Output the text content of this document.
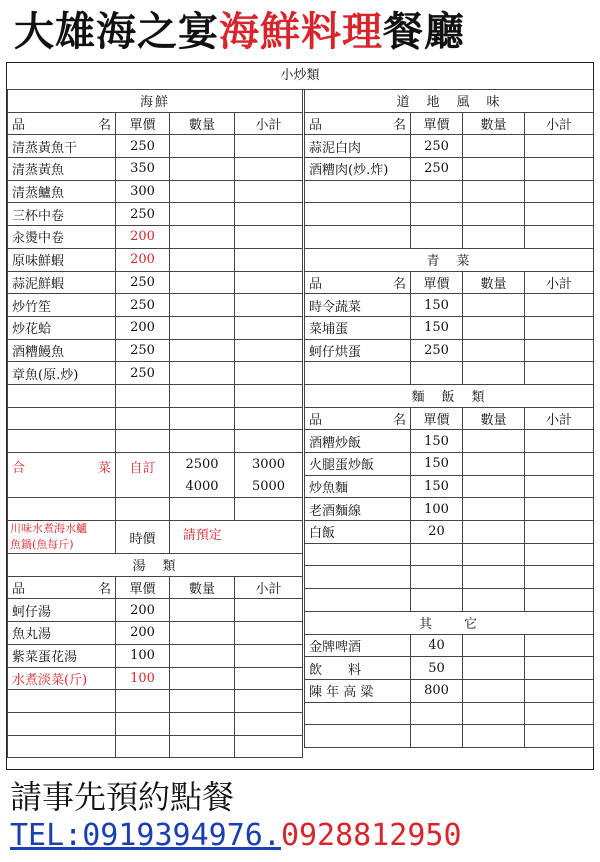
大雄海之宴海鮮料理餐廳
小炒類
海鮮			

品 名	單價	數量	小計
清蒸黃魚干	250		
清蒸黃魚	350		
清蒸鱸魚	300		
三杯中卷	250		
汆燙中卷	200		
原味鮮蝦	200		
蒜泥鮮蝦	250		
炒竹笙	250		
炒花蛤	200		
酒糟鰻魚	250		
章魚(原.炒)	250		

合 菜	自訂	2500	3000
		4000	5000

川味水煮海水鱸
魚鍋(魚每斤)	時價	請預定	

湯　類			

品 名	單價	數量	小計
蚵仔湯	200		
魚丸湯	200		
紫菜蛋花湯	100		
水煮淡菜(斤)	100		

道　地　風　味			

品 名	單價	數量	小計
蒜泥白肉	250		
酒糟肉(炒.炸)	250		

青　菜			

品 名	單價	數量	小計
時令蔬菜	150		
菜埔蛋	150		
蚵仔烘蛋	250		

麵　飯　類			

品 名	單價	數量	小計
酒糟炒飯	150		
火腿蛋炒飯	150		
炒魚麵	150		
老酒麵線	100		
白飯	20		

其　　它			
金牌啤酒	40		
飲　　料	50		
陳 年 高 粱	800		

請事先預約點餐
TEL:0919394976.0928812950
